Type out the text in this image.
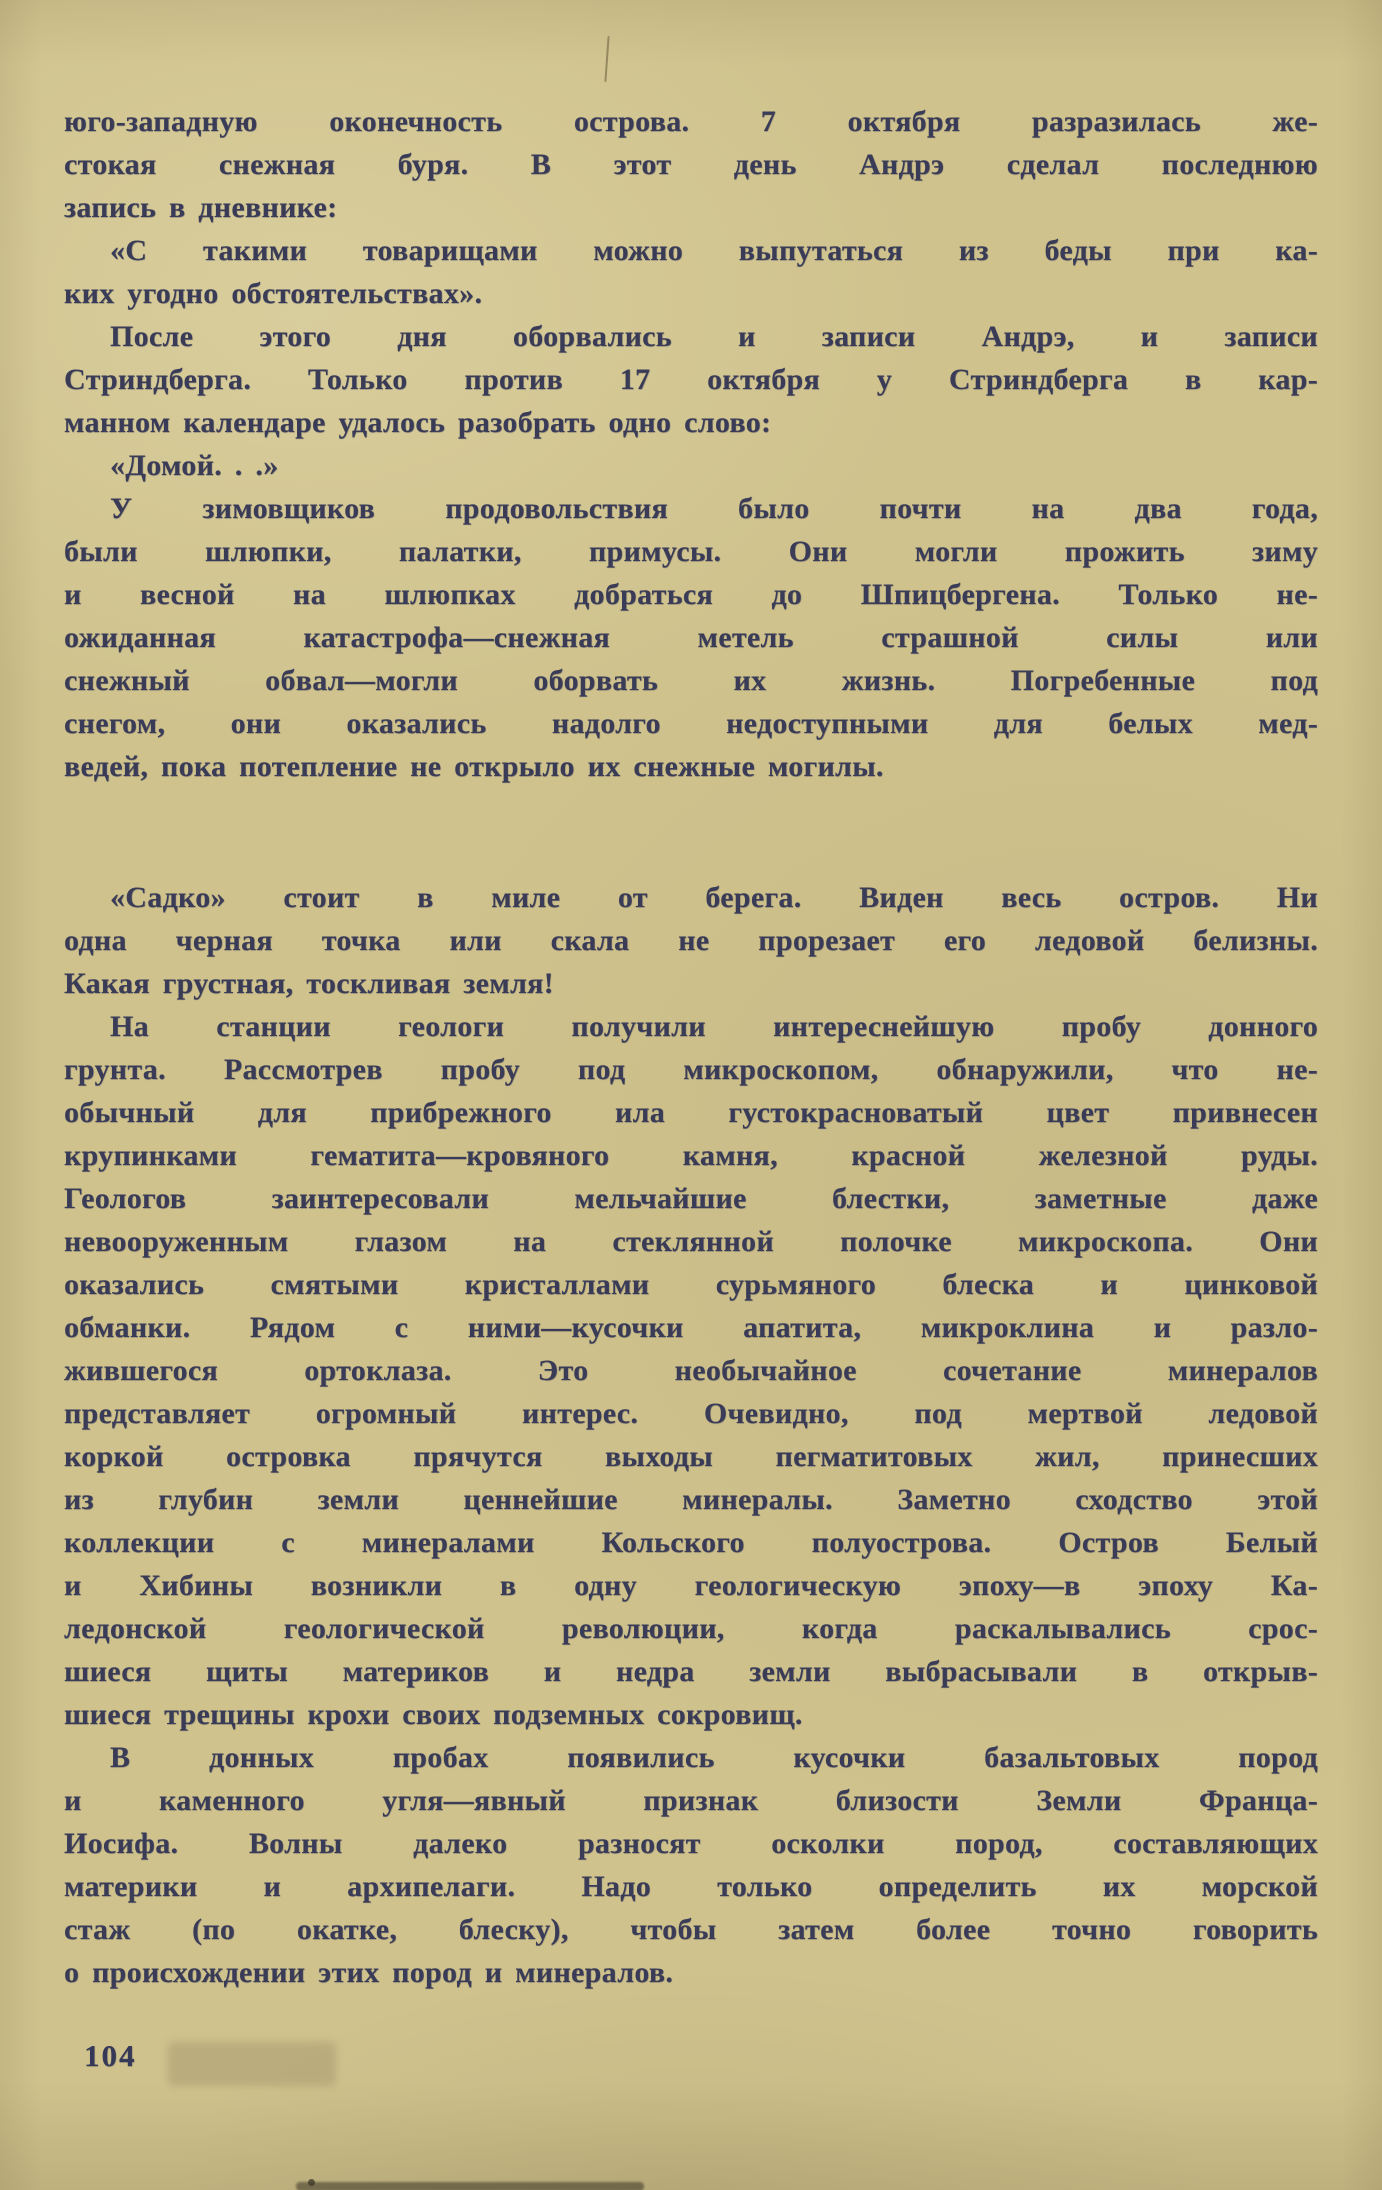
юго-западную оконечность острова. 7 октября разразилась же-
стокая снежная буря. В этот день Андрэ сделал последнюю
запись в дневнике:

«С такими товарищами можно выпутаться из беды при ка-
ких угодно обстоятельствах».

После этого дня оборвались и записи Андрэ, и записи
Стриндберга. Только против 17 октября у Стриндберга в кар-
манном календаре удалось разобрать одно слово:

«Домой. . .»

У зимовщиков продовольствия было почти на два года,
были шлюпки, палатки, примусы. Они могли прожить зиму
и весной на шлюпках добраться до Шпицбергена. Только не-
ожиданная катастрофа—снежная метель страшной силы или
снежный обвал—могли оборвать их жизнь. Погребенные под
снегом, они оказались надолго недоступными для белых мед-
ведей, пока потепление не открыло их снежные могилы.

«Садко» стоит в миле от берега. Виден весь остров. Ни
одна черная точка или скала не прорезает его ледовой белизны.
Какая грустная, тоскливая земля!

На станции геологи получили интереснейшую пробу донного
грунта. Рассмотрев пробу под микроскопом, обнаружили, что не-
обычный для прибрежного ила густокрасноватый цвет привнесен
крупинками гематита—кровяного камня, красной железной руды.
Геологов заинтересовали мельчайшие блестки, заметные даже
невооруженным глазом на стеклянной полочке микроскопа. Они
оказались смятыми кристаллами сурьмяного блеска и цинковой
обманки. Рядом с ними—кусочки апатита, микроклина и разло-
жившегося ортоклаза. Это необычайное сочетание минералов
представляет огромный интерес. Очевидно, под мертвой ледовой
коркой островка прячутся выходы пегматитовых жил, принесших
из глубин земли ценнейшие минералы. Заметно сходство этой
коллекции с минералами Кольского полуострова. Остров Белый
и Хибины возникли в одну геологическую эпоху—в эпоху Ка-
ледонской геологической революции, когда раскалывались срос-
шиеся щиты материков и недра земли выбрасывали в открыв-
шиеся трещины крохи своих подземных сокровищ.

В донных пробах появились кусочки базальтовых пород
и каменного угля—явный признак близости Земли Франца-
Иосифа. Волны далеко разносят осколки пород, составляющих
материки и архипелаги. Надо только определить их морской
стаж (по окатке, блеску), чтобы затем более точно говорить
о происхождении этих пород и минералов.

104
